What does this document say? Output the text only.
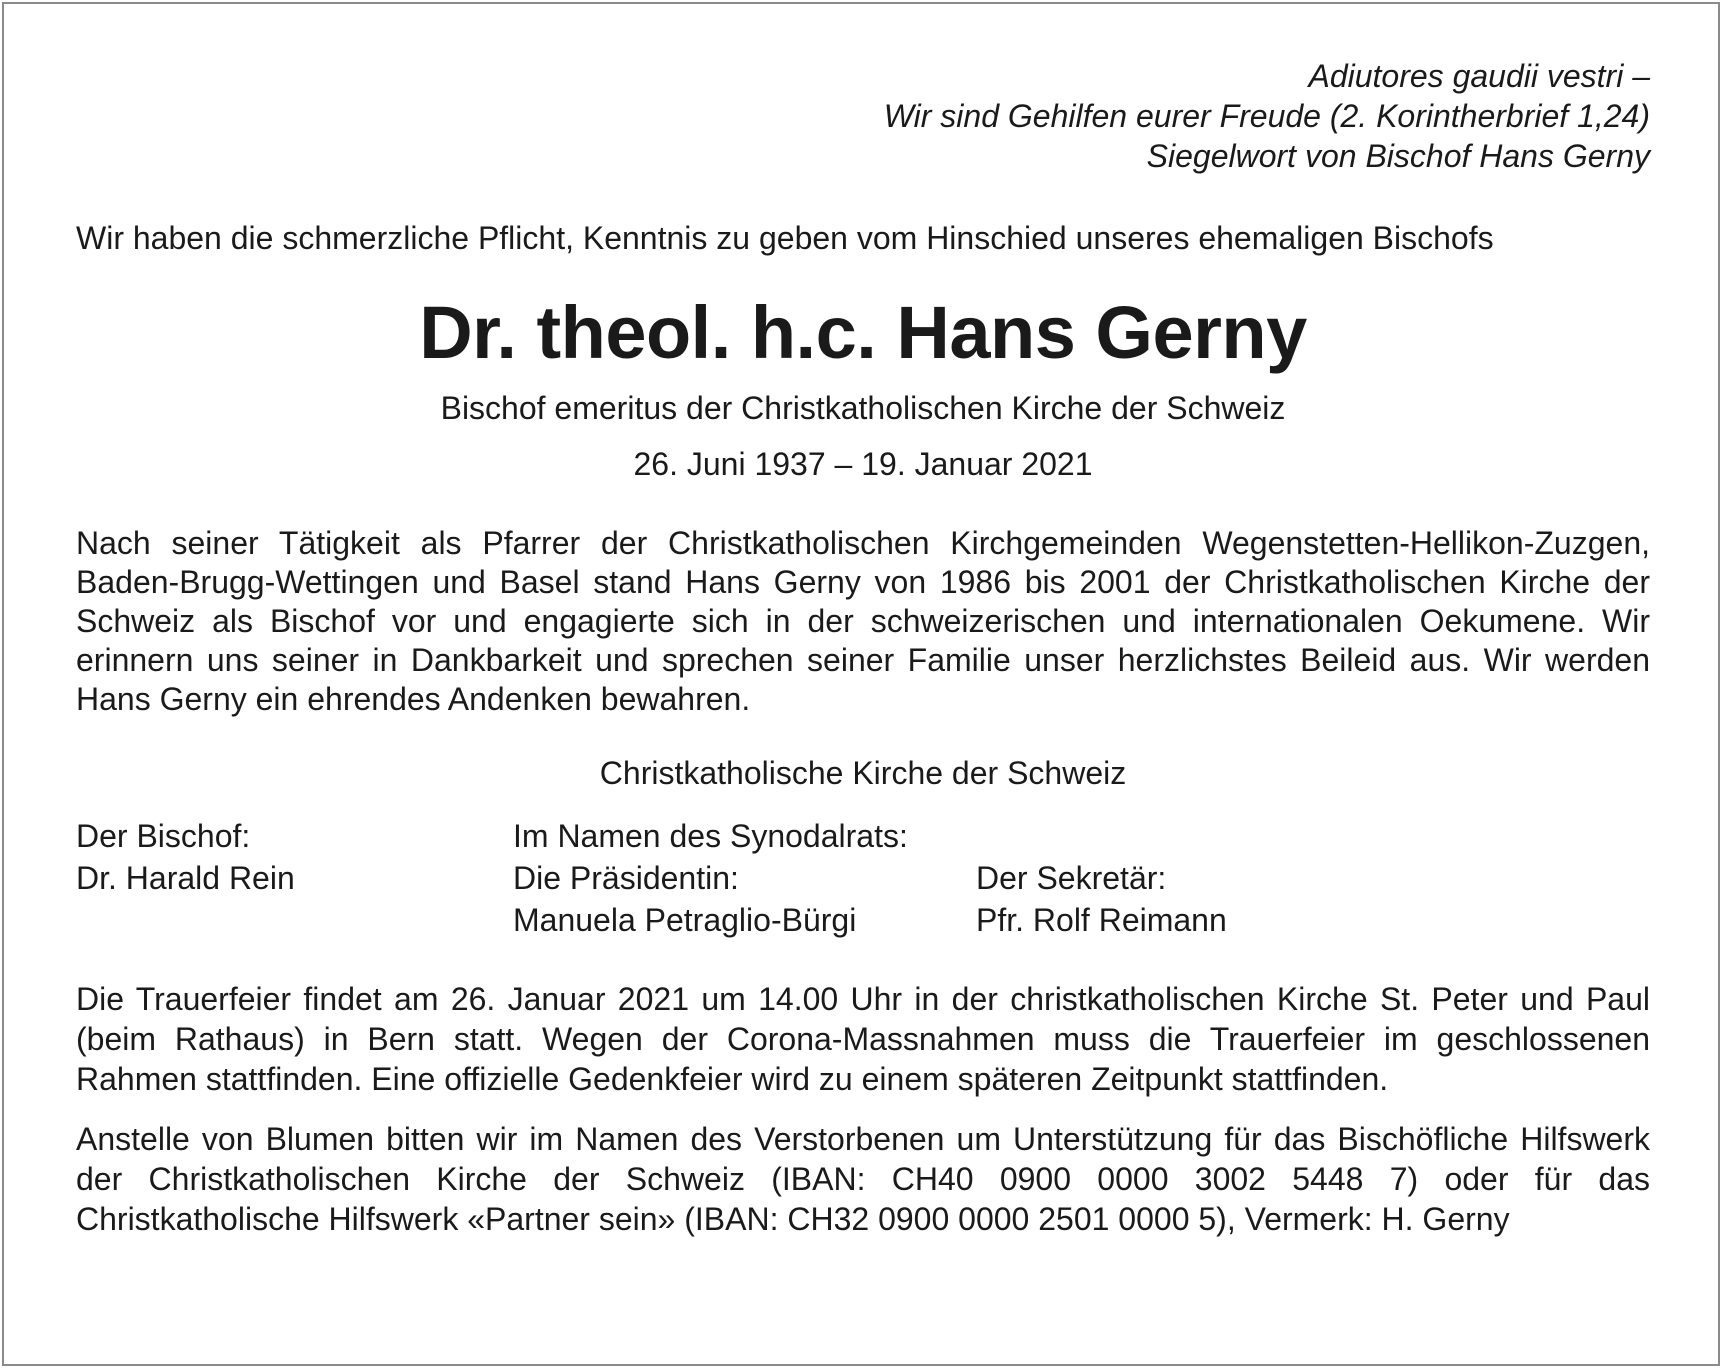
Adiutores gaudii vestri –
Wir sind Gehilfen eurer Freude (2. Korintherbrief 1,24)
Siegelwort von Bischof Hans Gerny
Wir haben die schmerzliche Pflicht, Kenntnis zu geben vom Hinschied unseres ehemaligen Bischofs
Dr. theol. h.c. Hans Gerny
Bischof emeritus der Christkatholischen Kirche der Schweiz
26. Juni 1937 – 19. Januar 2021
Nach seiner Tätigkeit als Pfarrer der Christkatholischen Kirchgemeinden Wegenstetten-Hellikon-Zuzgen, Baden-Brugg-Wettingen und Basel stand Hans Gerny von 1986 bis 2001 der Christkatholischen Kirche der Schweiz als Bischof vor und engagierte sich in der schweizerischen und internationalen Oekumene. Wir erinnern uns seiner in Dankbarkeit und sprechen seiner Familie unser herzlichstes Beileid aus. Wir werden Hans Gerny ein ehrendes Andenken bewahren.
Christkatholische Kirche der Schweiz
Der Bischof:
Dr. Harald Rein
Im Namen des Synodalrats:
Die Präsidentin:
Manuela Petraglio-Bürgi
Der Sekretär:
Pfr. Rolf Reimann
Die Trauerfeier findet am 26. Januar 2021 um 14.00 Uhr in der christkatholischen Kirche St. Peter und Paul (beim Rathaus) in Bern statt. Wegen der Corona-Massnahmen muss die Trauerfeier im geschlossenen Rahmen stattfinden. Eine offizielle Gedenkfeier wird zu einem späteren Zeitpunkt stattfinden.
Anstelle von Blumen bitten wir im Namen des Verstorbenen um Unterstützung für das Bischöfliche Hilfswerk der Christkatholischen Kirche der Schweiz (IBAN: CH40 0900 0000 3002 5448 7) oder für das Christkatholische Hilfswerk «Partner sein» (IBAN: CH32 0900 0000 2501 0000 5), Vermerk: H. Gerny
